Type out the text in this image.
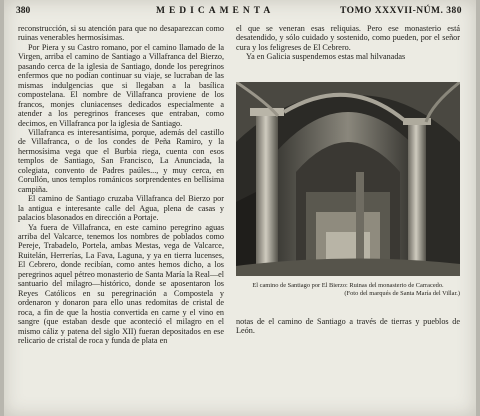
380	MEDICAMENTA	TOMO XXXVII-NÚM. 380

reconstrucción, si su atención para que no desaparezcan como ruinas venerables hermosísimas.

Por Piera y su Castro romano, por el camino llamado de la Virgen, arriba el camino de Santiago a Villafranca del Bierzo, pasando cerca de la iglesia de Santiago, donde los peregrinos enfermos que no podían continuar su viaje, se lucraban de las mismas indulgencias que si llegaban a la basílica compostelana. El nombre de Villafranca proviene de los francos, monjes cluniacenses dedicados especialmente a atender a los peregrinos franceses que entraban, como decimos, en Villafranca por la iglesia de Santiago.

Villafranca es interesantísima, porque, además del castillo de Villafranca, o de los condes de Peña Ramiro, y la hermosísima vega que el Burbia riega, cuenta con esos templos de Santiago, San Francisco, La Anunciada, la colegiata, convento de Padres paúles..., y muy cerca, en Corullón, unos templos románicos sorprendentes en bellísima campiña.

El camino de Santiago cruzaba Villafranca del Bierzo por la antigua e interesante calle del Agua, plena de casas y palacios blasonados en dirección a Portaje.

Ya fuera de Villafranca, en este camino peregrino aguas arriba del Valcarce, tenemos los nombres de poblados como Pereje, Trabadelo, Portela, ambas Mestas, vega de Valcarce, Ruitelán, Herrerías, La Fava, Laguna, y ya en tierra lucenses, El Cebrero, donde recibían, como antes hemos dicho, a los peregrinos aquel pétreo monasterio de Santa María la Real—el santuario del milagro—histórico, donde se aposentaron los Reyes Católicos en su peregrinación a Compostela y ordenaron y donaron para ello unas redomitas de cristal de roca, a fin de que la hostia convertida en carne y el vino en sangre (que estaban desde que aconteció el milagro en el mismo cáliz y patena del siglo XII) fueran depositados en ese relicario de cristal de roca y funda de plata en

el que se veneran esas reliquias. Pero ese monasterio está desatendido, y sólo cuidado y sostenido, como pueden, por el señor cura y los feligreses de El Cebrero.

Ya en Galicia suspendemos estas mal hilvanadas

El camino de Santiago por El Bierzo: Ruinas del monasterio de Carracedo.
(Foto del marqués de Santa María del Villar.)

notas de el camino de Santiago a través de tierras y pueblos de León.
